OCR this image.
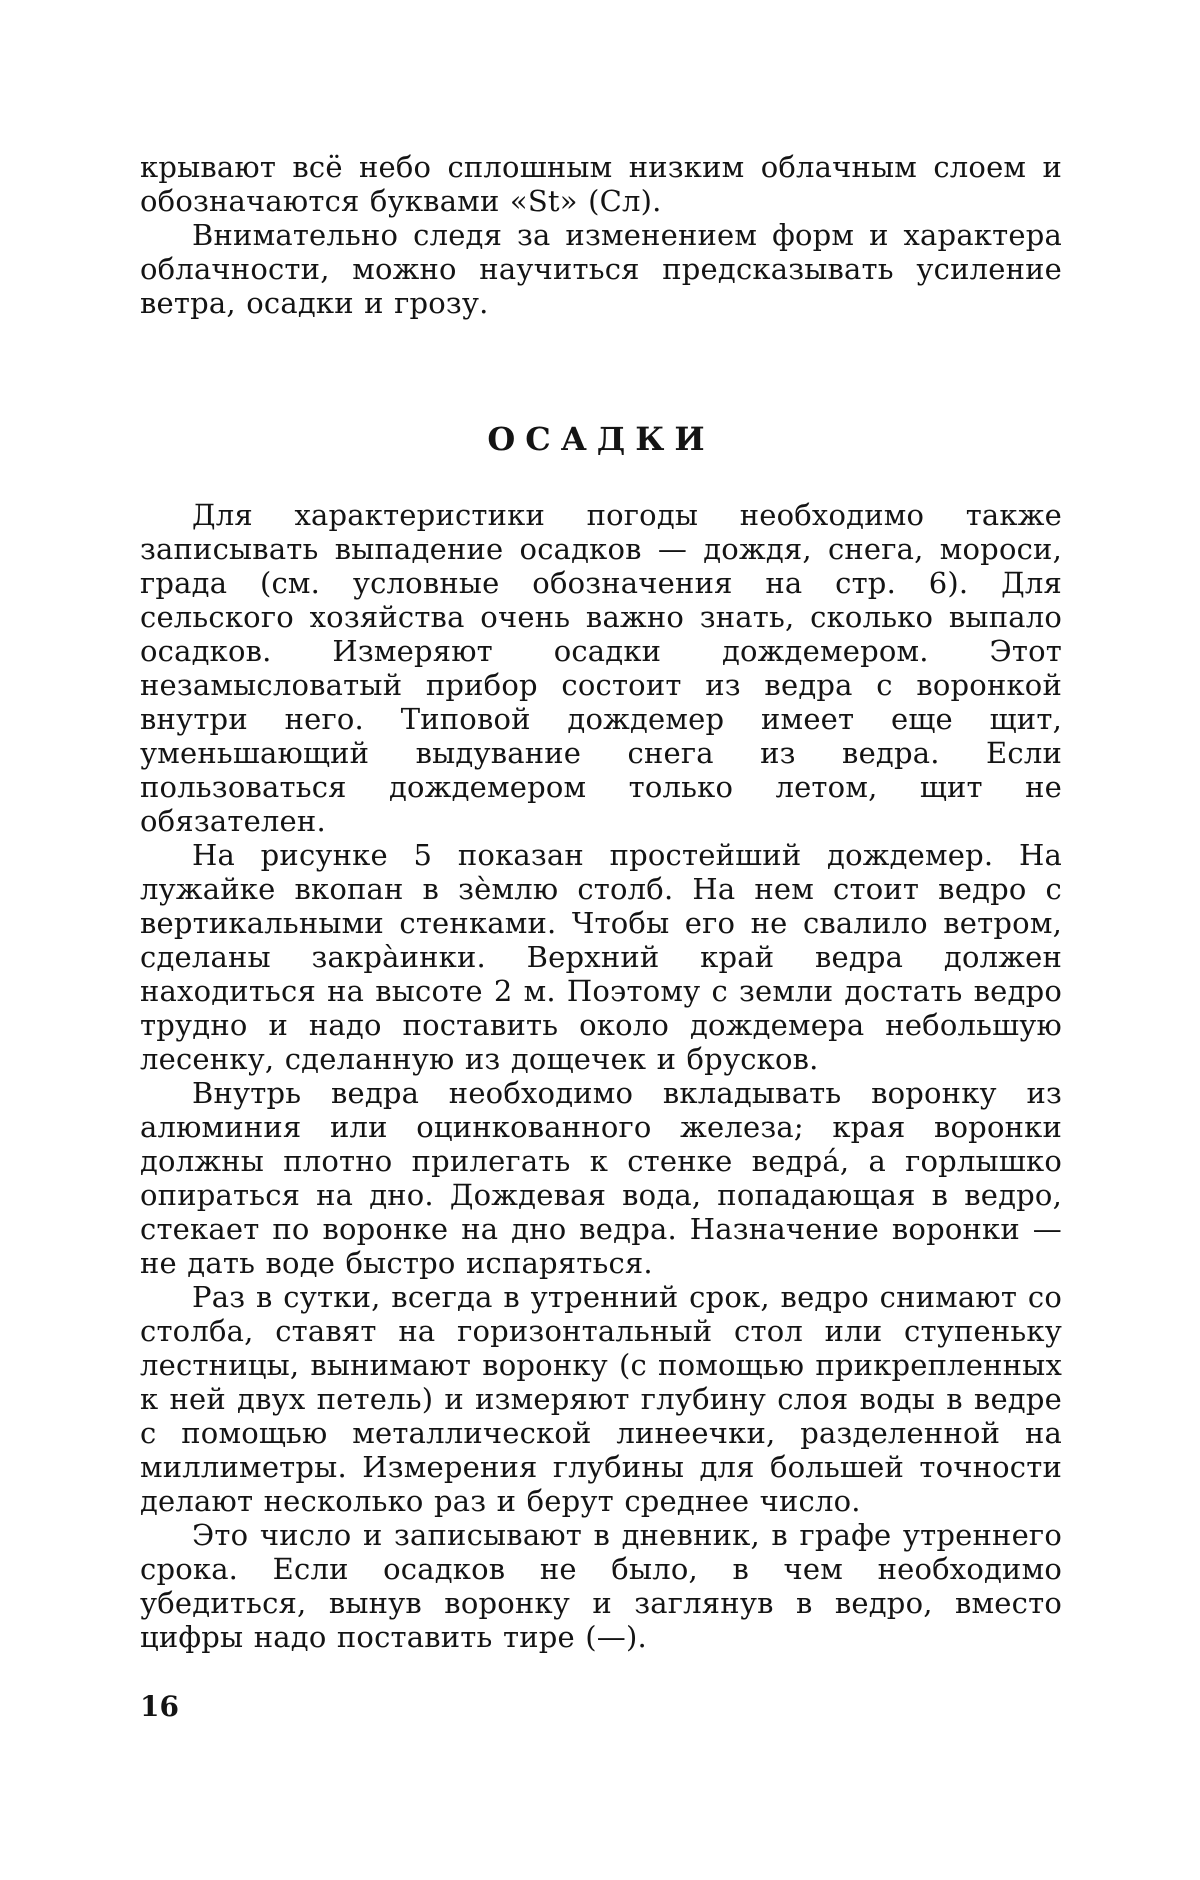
крывают всё небо сплошным низким облачным слоем и обозначаются буквами «St» (Сл).

Внимательно следя за изменением форм и характера облачности, можно научиться предсказывать усиление ветра, осадки и грозу.

ОСАДКИ

Для характеристики погоды необходимо также записывать выпадение осадков — дождя, снега, мороси, града (см. условные обозначения на стр. 6). Для сельского хозяйства очень важно знать, сколько выпало осадков. Измеряют осадки дождемером. Этот незамысловатый прибор состоит из ведра с воронкой внутри него. Типовой дождемер имеет еще щит, уменьшающий выдувание снега из ведра. Если пользоваться дождемером только летом, щит не обязателен.

На рисунке 5 показан простейший дождемер. На лужайке вкопан в зèмлю столб. На нем стоит ведро с вертикальными стенками. Чтобы его не свалило ветром, сделаны закрàинки. Верхний край ведра должен находиться на высоте 2 м. Поэтому с земли достать ведро трудно и надо поставить около дождемера небольшую лесенку, сделанную из дощечек и брусков.

Внутрь ведра необходимо вкладывать воронку из алюминия или оцинкованного железа; края воронки должны плотно прилегать к стенке ведрá, а горлышко опираться на дно. Дождевая вода, попадающая в ведро, стекает по воронке на дно ведра. Назначение воронки — не дать воде быстро испаряться.

Раз в сутки, всегда в утренний срок, ведро снимают со столба, ставят на горизонтальный стол или ступеньку лестницы, вынимают воронку (с помощью прикрепленных к ней двух петель) и измеряют глубину слоя воды в ведре с помощью металлической линеечки, разделенной на миллиметры. Измерения глубины для большей точности делают несколько раз и берут среднее число.

Это число и записывают в дневник, в графе утреннего срока. Если осадков не было, в чем необходимо убедиться, вынув воронку и заглянув в ведро, вместо цифры надо поставить тире (—).

16
